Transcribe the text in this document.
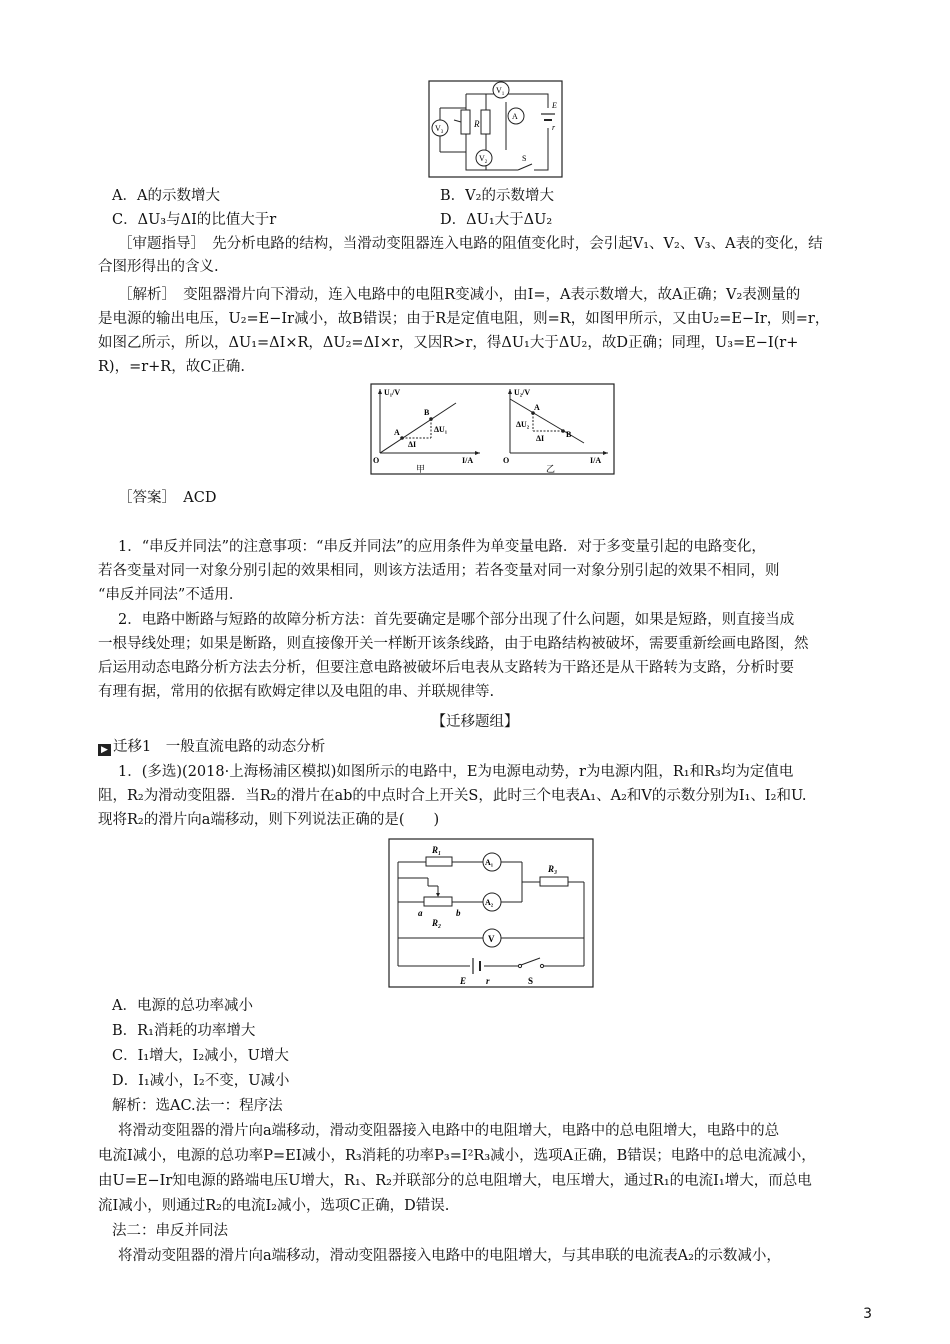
R
$V_1$
$V_3$
A
$V_2$
E
r
S
A．A的示数增大	B．V₂的示数增大
C．ΔU₃与ΔI的比值大于r	D．ΔU₁大于ΔU₂
［审题指导］　先分析电路的结构，当滑动变阻器连入电路的阻值变化时，会引起V₁、V₂、V₃、A表的变化，结
合图形得出的含义.
［解析］　变阻器滑片向下滑动，连入电路中的电阻R变减小，由I=，A表示数增大，故A正确；V₂表测量的
是电源的输出电压，U₂=E−Ir减小，故B错误；由于R是定值电阻，则=R，如图甲所示，又由U₂=E−Ir，则=r，
如图乙所示，所以，ΔU₁=ΔI×R，ΔU₂=ΔI×r，又因R>r，得ΔU₁大于ΔU₂，故D正确；同理，U₃=E−I(r+
R)，=r+R，故C正确.
U₁/V
I/A
O
A
B
ΔU₁
ΔI
甲
U₂/V
I/A
O
A
B
ΔU₂
ΔI
乙
［答案］　ACD
1．“串反并同法”的注意事项：“串反并同法”的应用条件为单变量电路．对于多变量引起的电路变化，
若各变量对同一对象分别引起的效果相同，则该方法适用；若各变量对同一对象分别引起的效果不相同，则
“串反并同法”不适用．
2．电路中断路与短路的故障分析方法：首先要确定是哪个部分出现了什么问题，如果是短路，则直接当成
一根导线处理；如果是断路，则直接像开关一样断开该条线路，由于电路结构被破坏，需要重新绘画电路图，然
后运用动态电路分析方法去分析，但要注意电路被破坏后电表从支路转为干路还是从干路转为支路，分析时要
有理有据，常用的依据有欧姆定律以及电阻的串、并联规律等.
【迁移题组】
▶ 迁移1　一般直流电路的动态分析
1．(多选)(2018·上海杨浦区模拟)如图所示的电路中，E为电源电动势，r为电源内阻，R₁和R₃均为定值电
阻，R₂为滑动变阻器．当R₂的滑片在ab的中点时合上开关S，此时三个电表A₁、A₂和V的示数分别为I₁、I₂和U.
现将R₂的滑片向a端移动，则下列说法正确的是(　　)
R₁
A₁
a	b
R₂
A₂
R₃
V
E r	S
A．电源的总功率减小
B．R₁消耗的功率增大
C．I₁增大，I₂减小，U增大
D．I₁减小，I₂不变，U减小
解析：选AC.法一：程序法
将滑动变阻器的滑片向a端移动，滑动变阻器接入电路中的电阻增大，电路中的总电阻增大，电路中的总
电流I减小，电源的总功率P=EI减小，R₃消耗的功率P₃=I²R₃减小，选项A正确，B错误；电路中的总电流减小，
由U=E−Ir知电源的路端电压U增大，R₁、R₂并联部分的总电阻增大，电压增大，通过R₁的电流I₁增大，而总电
流I减小，则通过R₂的电流I₂减小，选项C正确，D错误.
法二：串反并同法
将滑动变阻器的滑片向a端移动，滑动变阻器接入电路中的电阻增大，与其串联的电流表A₂的示数减小，
3
